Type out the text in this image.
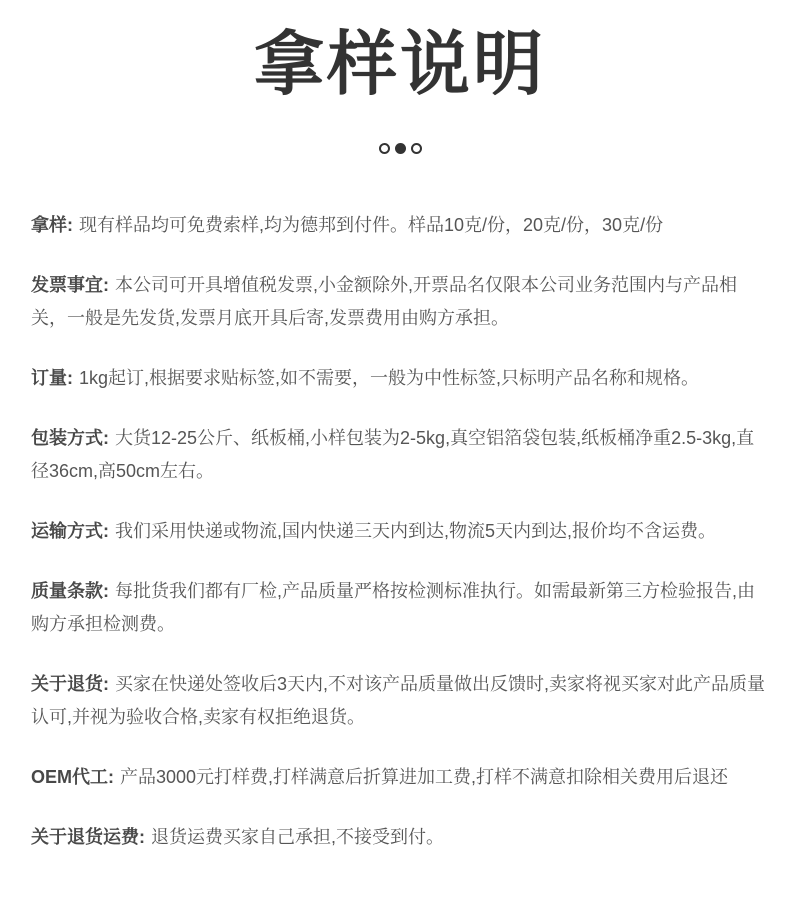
拿样说明

拿样: 现有样品均可免费索样,均为德邦到付件。样品10克/份，20克/份，30克/份

发票事宜: 本公司可开具增值税发票,小金额除外,开票品名仅限本公司业务范围内与产品相关，一般是先发货,发票月底开具后寄,发票费用由购方承担。

订量: 1kg起订,根据要求贴标签,如不需要，一般为中性标签,只标明产品名称和规格。

包装方式: 大货12-25公斤、纸板桶,小样包装为2-5kg,真空铝箔袋包装,纸板桶净重2.5-3kg,直径36cm,高50cm左右。

运输方式: 我们采用快递或物流,国内快递三天内到达,物流5天内到达,报价均不含运费。

质量条款: 每批货我们都有厂检,产品质量严格按检测标准执行。如需最新第三方检验报告,由购方承担检测费。

关于退货: 买家在快递处签收后3天内,不对该产品质量做出反馈时,卖家将视买家对此产品质量认可,并视为验收合格,卖家有权拒绝退货。

OEM代工: 产品3000元打样费,打样满意后折算进加工费,打样不满意扣除相关费用后退还

关于退货运费: 退货运费买家自己承担,不接受到付。
